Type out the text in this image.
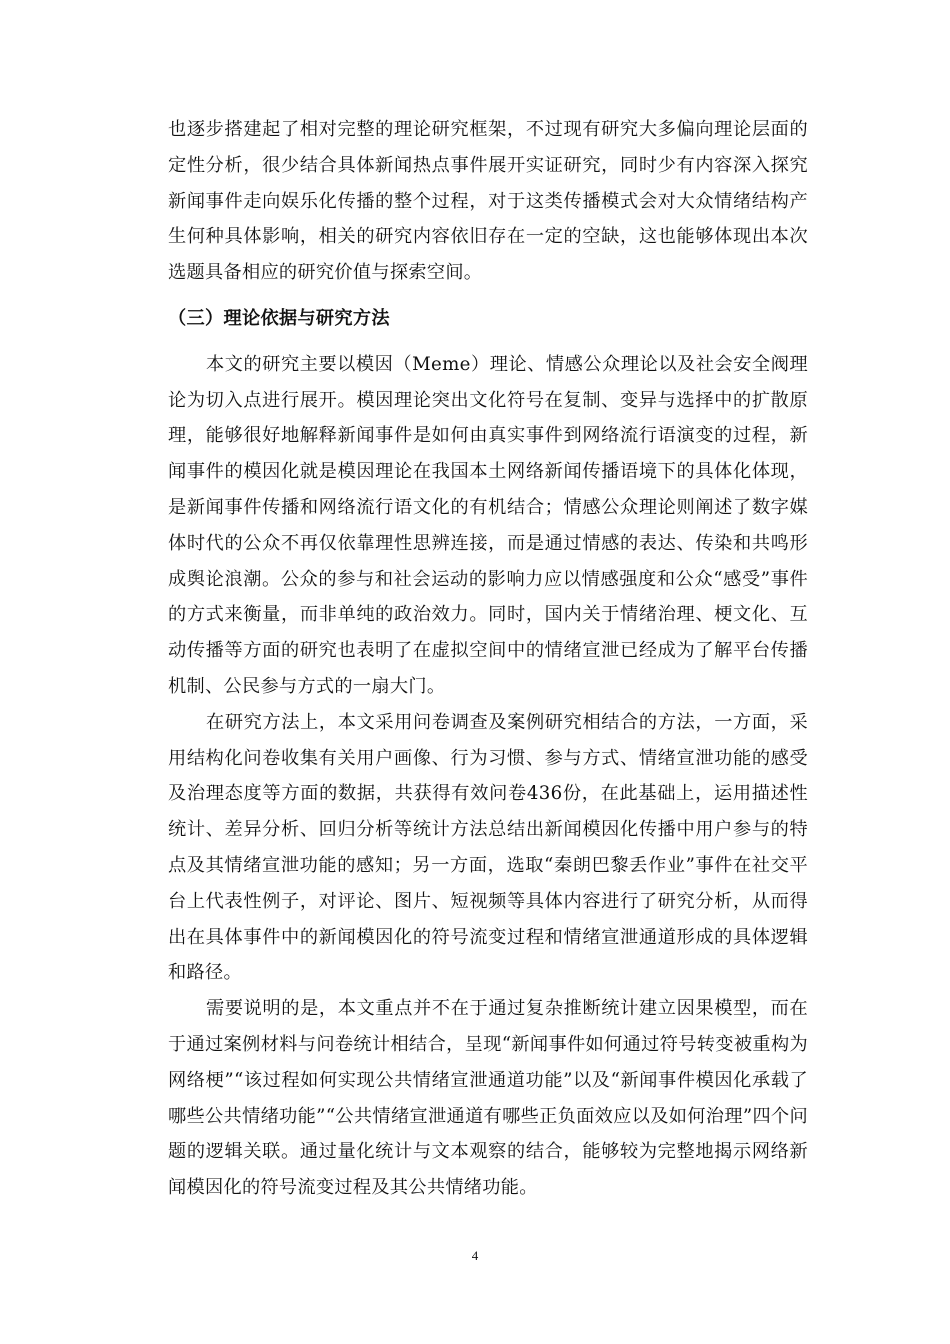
也逐步搭建起了相对完整的理论研究框架，不过现有研究大多偏向理论层面的定性分析，很少结合具体新闻热点事件展开实证研究，同时少有内容深入探究新闻事件走向娱乐化传播的整个过程，对于这类传播模式会对大众情绪结构产生何种具体影响，相关的研究内容依旧存在一定的空缺，这也能够体现出本次选题具备相应的研究价值与探索空间。

（三）理论依据与研究方法

本文的研究主要以模因（Meme）理论、情感公众理论以及社会安全阀理论为切入点进行展开。模因理论突出文化符号在复制、变异与选择中的扩散原理，能够很好地解释新闻事件是如何由真实事件到网络流行语演变的过程，新闻事件的模因化就是模因理论在我国本土网络新闻传播语境下的具体化体现，是新闻事件传播和网络流行语文化的有机结合；情感公众理论则阐述了数字媒体时代的公众不再仅依靠理性思辨连接，而是通过情感的表达、传染和共鸣形成舆论浪潮。公众的参与和社会运动的影响力应以情感强度和公众“感受”事件的方式来衡量，而非单纯的政治效力。同时，国内关于情绪治理、梗文化、互动传播等方面的研究也表明了在虚拟空间中的情绪宣泄已经成为了解平台传播机制、公民参与方式的一扇大门。

在研究方法上，本文采用问卷调查及案例研究相结合的方法，一方面，采用结构化问卷收集有关用户画像、行为习惯、参与方式、情绪宣泄功能的感受及治理态度等方面的数据，共获得有效问卷436份，在此基础上，运用描述性统计、差异分析、回归分析等统计方法总结出新闻模因化传播中用户参与的特点及其情绪宣泄功能的感知；另一方面，选取“秦朗巴黎丢作业”事件在社交平台上代表性例子，对评论、图片、短视频等具体内容进行了研究分析，从而得出在具体事件中的新闻模因化的符号流变过程和情绪宣泄通道形成的具体逻辑和路径。

需要说明的是，本文重点并不在于通过复杂推断统计建立因果模型，而在于通过案例材料与问卷统计相结合，呈现“新闻事件如何通过符号转变被重构为网络梗”“该过程如何实现公共情绪宣泄通道功能”以及“新闻事件模因化承载了哪些公共情绪功能”“公共情绪宣泄通道有哪些正负面效应以及如何治理”四个问题的逻辑关联。通过量化统计与文本观察的结合，能够较为完整地揭示网络新闻模因化的符号流变过程及其公共情绪功能。

4
